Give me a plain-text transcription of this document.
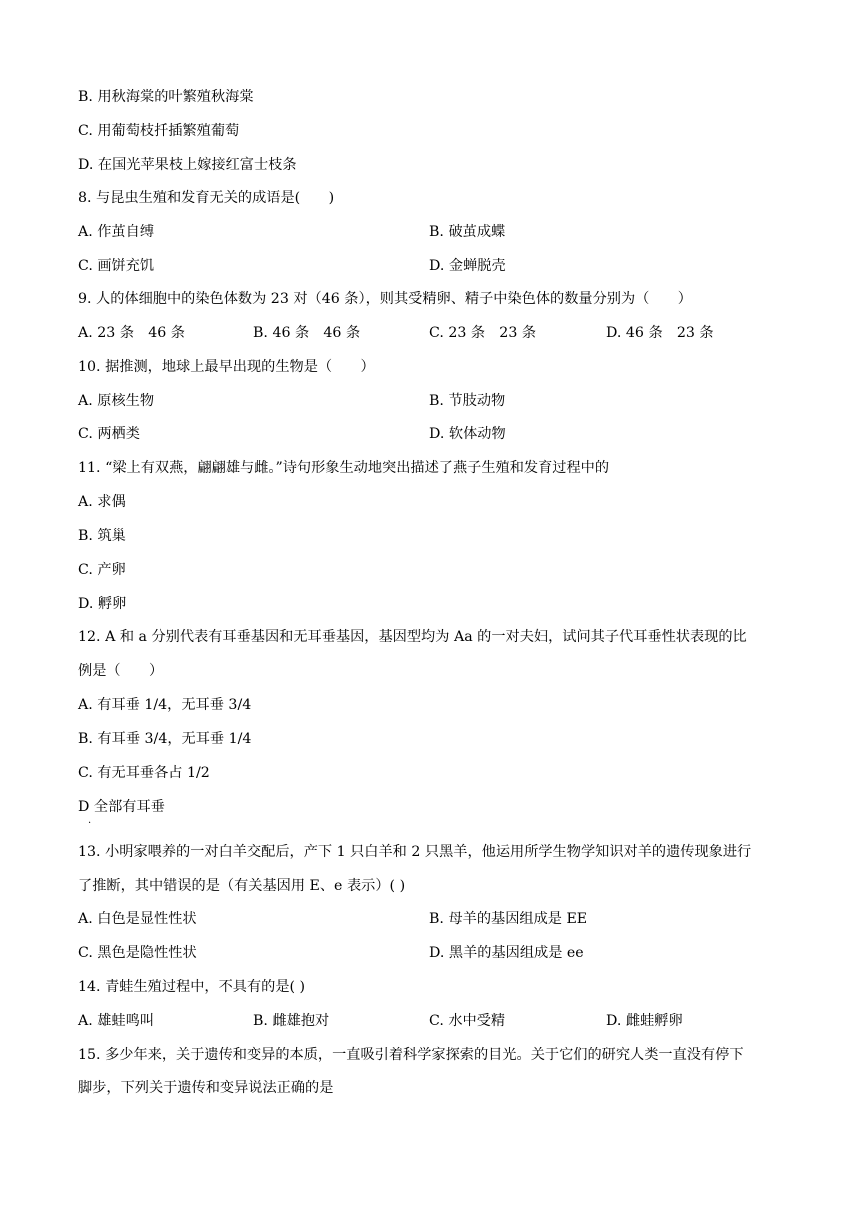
B. 用秋海棠的叶繁殖秋海棠
C. 用葡萄枝扦插繁殖葡萄
D. 在国光苹果枝上嫁接红富士枝条
8. 与昆虫生殖和发育无关的成语是(　　)
A. 作茧自缚	B. 破茧成蝶
C. 画饼充饥	D. 金蝉脱壳
9. 人的体细胞中的染色体数为 23 对（46 条），则其受精卵、精子中染色体的数量分别为（　　）
A. 23 条　46 条	B. 46 条　46 条	C. 23 条　23 条	D. 46 条　23 条
10. 据推测，地球上最早出现的生物是（　　）
A. 原核生物	B. 节肢动物
C. 两栖类	D. 软体动物
11. “梁上有双燕，翩翩雄与雌。”诗句形象生动地突出描述了燕子生殖和发育过程中的
A. 求偶
B. 筑巢
C. 产卵
D. 孵卵
12. A 和 a 分别代表有耳垂基因和无耳垂基因，基因型均为 Aa 的一对夫妇，试问其子代耳垂性状表现的比
例是（　　）
A. 有耳垂 1/4，无耳垂 3/4
B. 有耳垂 3/4，无耳垂 1/4
C. 有无耳垂各占 1/2
D 全部有耳垂
.
13. 小明家喂养的一对白羊交配后，产下 1 只白羊和 2 只黑羊，他运用所学生物学知识对羊的遗传现象进行
了推断，其中错误的是（有关基因用 E、e 表示）( )
A. 白色是显性性状	B. 母羊的基因组成是 EE
C. 黑色是隐性性状	D. 黑羊的基因组成是 ee
14. 青蛙生殖过程中，不具有的是( )
A. 雄蛙鸣叫	B. 雌雄抱对	C. 水中受精	D. 雌蛙孵卵
15. 多少年来，关于遗传和变异的本质，一直吸引着科学家探索的目光。关于它们的研究人类一直没有停下
脚步，下列关于遗传和变异说法正确的是
